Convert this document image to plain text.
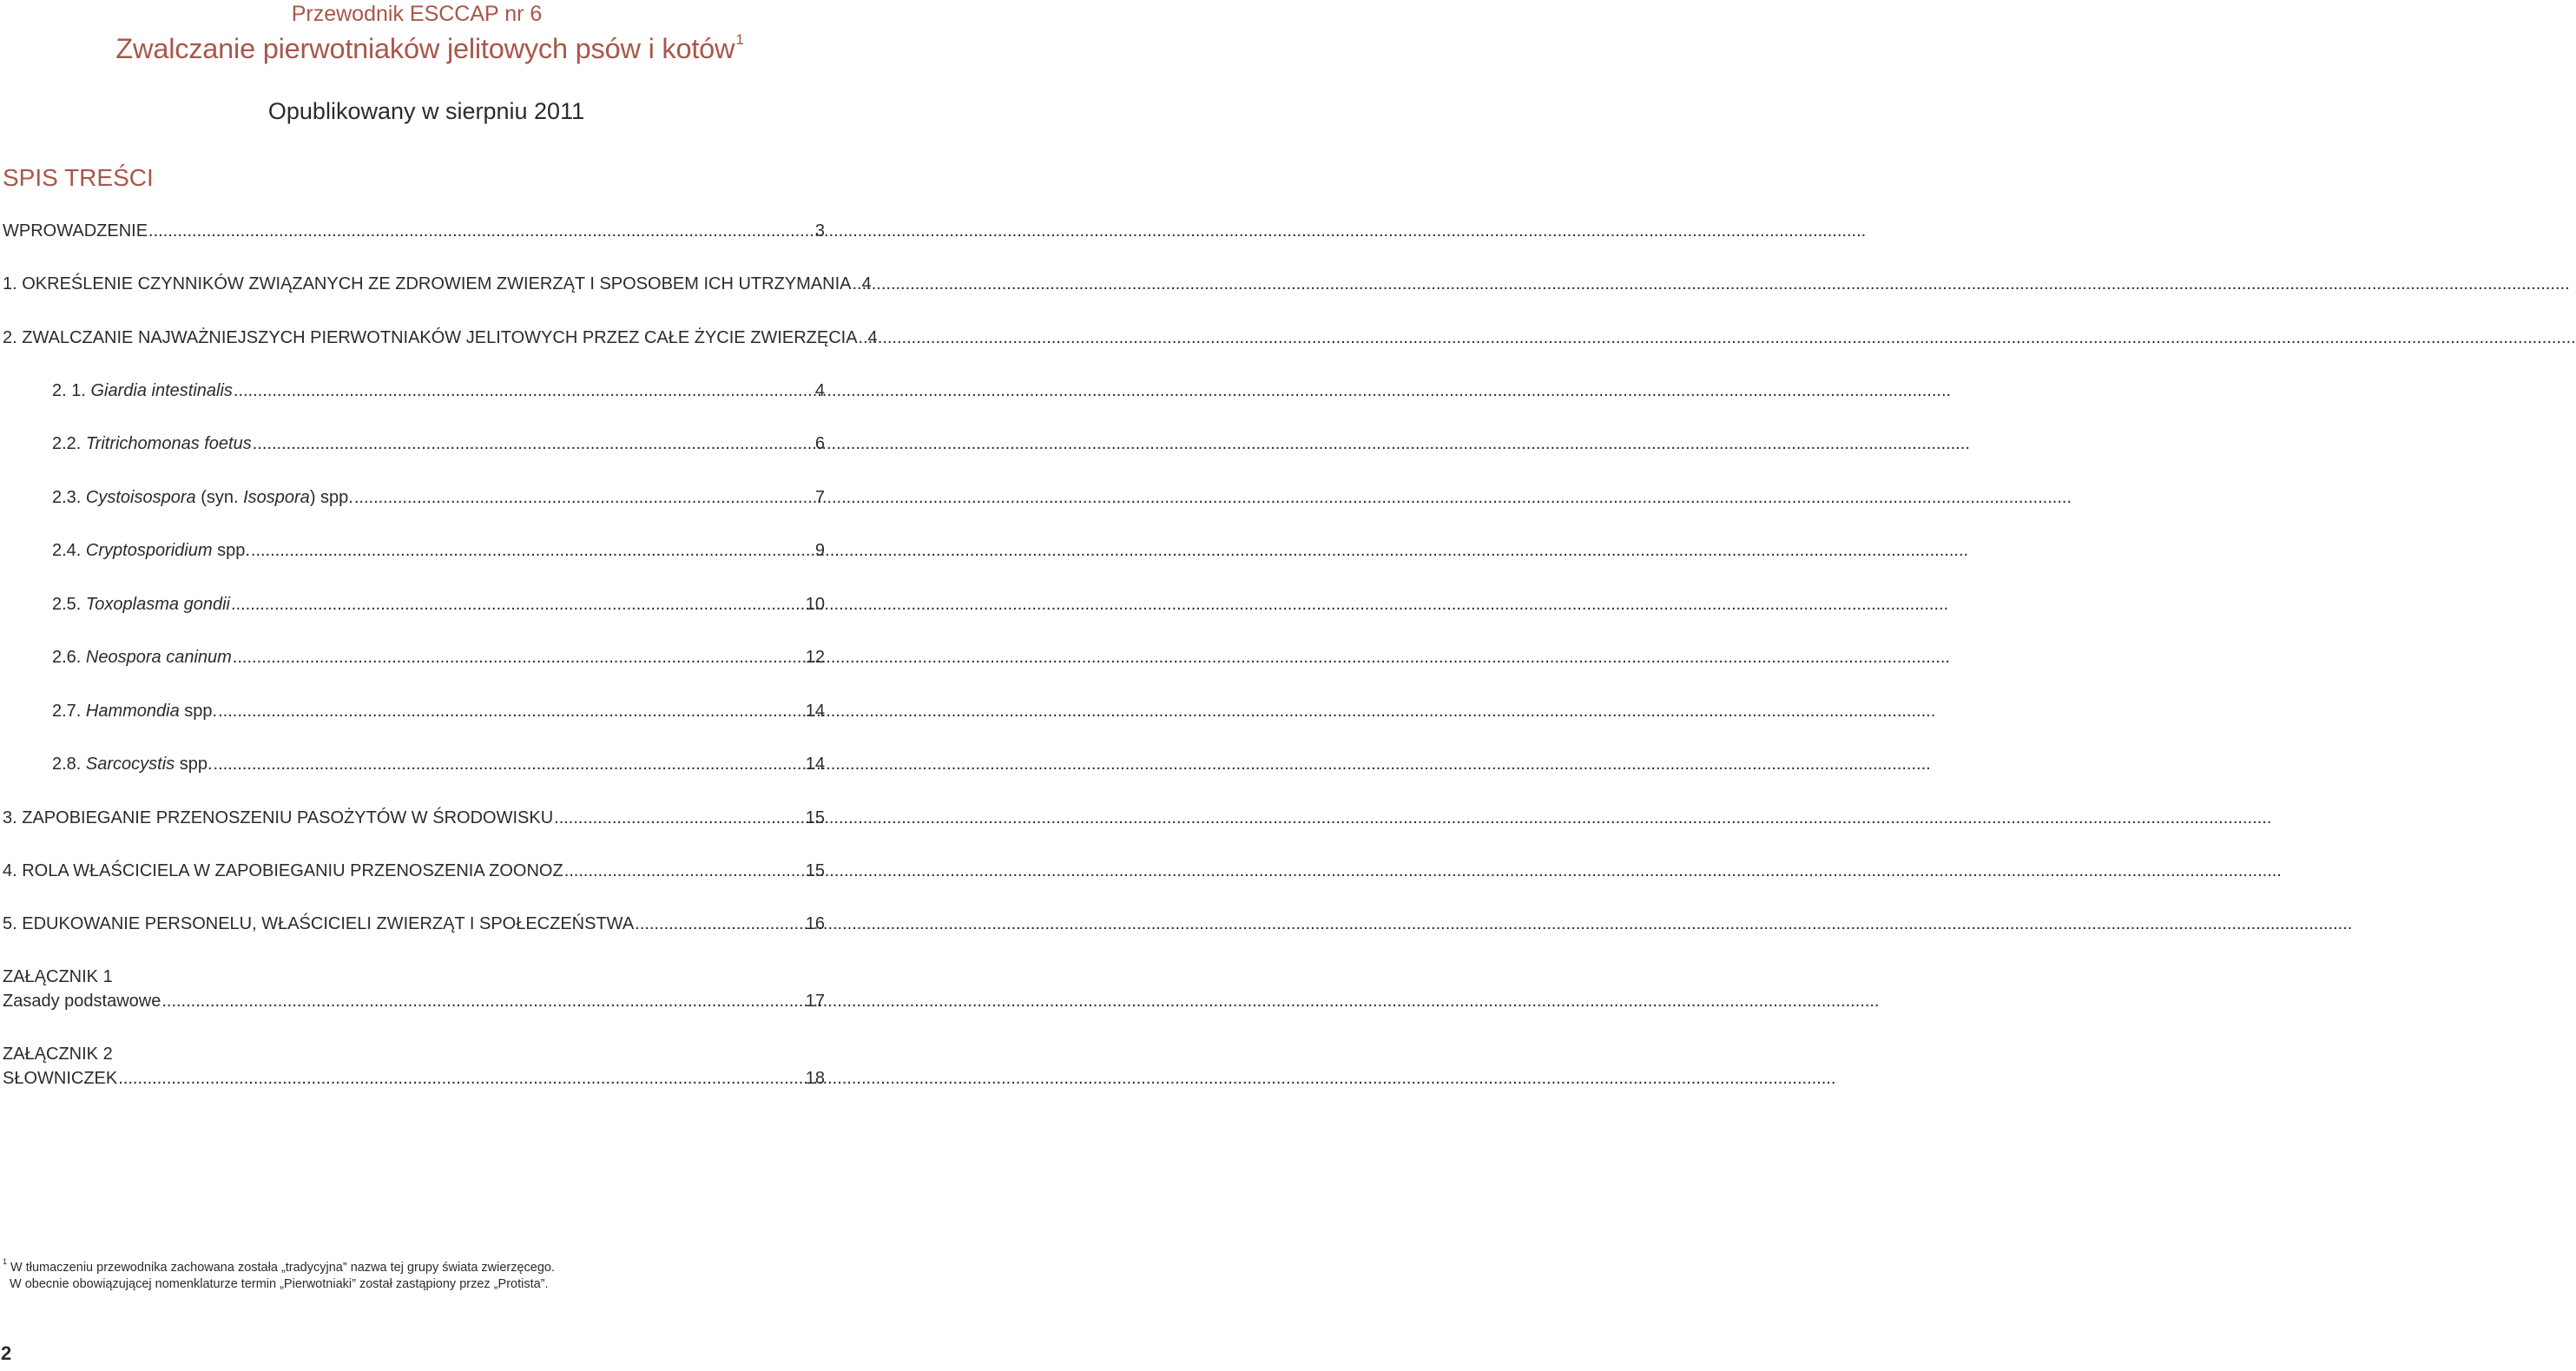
Przewodnik ESCCAP nr 6
Zwalczanie pierwotniaków jelitowych psów i kotów$^1$
Opublikowany w sierpniu 2011
SPIS TREŚCI
WPROWADZENIE .....	3
1. OKREŚLENIE CZYNNIKÓW ZWIĄZANYCH ZE ZDROWIEM ZWIERZĄT I SPOSOBEM ICH UTRZYMANIA ..... 4
2. ZWALCZANIE NAJWAŻNIEJSZYCH PIERWOTNIAKÓW JELITOWYCH PRZEZ CAŁE ŻYCIE ZWIERZĘCIA ..... 4
2. 1. Giardia intestinalis .....	4
2.2. Tritrichomonas foetus .....	6
2.3. Cystoisospora (syn. Isospora) spp. .....	7
2.4. Cryptosporidium spp. .....	9
2.5. Toxoplasma gondii .....	10
2.6. Neospora caninum .....	12
2.7. Hammondia spp. .....	14
2.8. Sarcocystis spp. .....	14
3. ZAPOBIEGANIE PRZENOSZENIU PASOŻYTÓW W ŚRODOWISKU .....	15
4. ROLA WŁAŚCICIELA W ZAPOBIEGANIU PRZENOSZENIA ZOONOZ .....	15
5. EDUKOWANIE PERSONELU, WŁAŚCICIELI ZWIERZĄT I SPOŁECZEŃSTWA .....	16
ZAŁĄCZNIK 1
Zasady podstawowe .....	17
ZAŁĄCZNIK 2
SŁOWNICZEK .....	18
$^1$ W tłumaczeniu przewodnika zachowana została „tradycyjna” nazwa tej grupy świata zwierzęcego.
W obecnie obowiązującej nomenklaturze termin „Pierwotniaki” został zastąpiony przez „Protista”.
2
